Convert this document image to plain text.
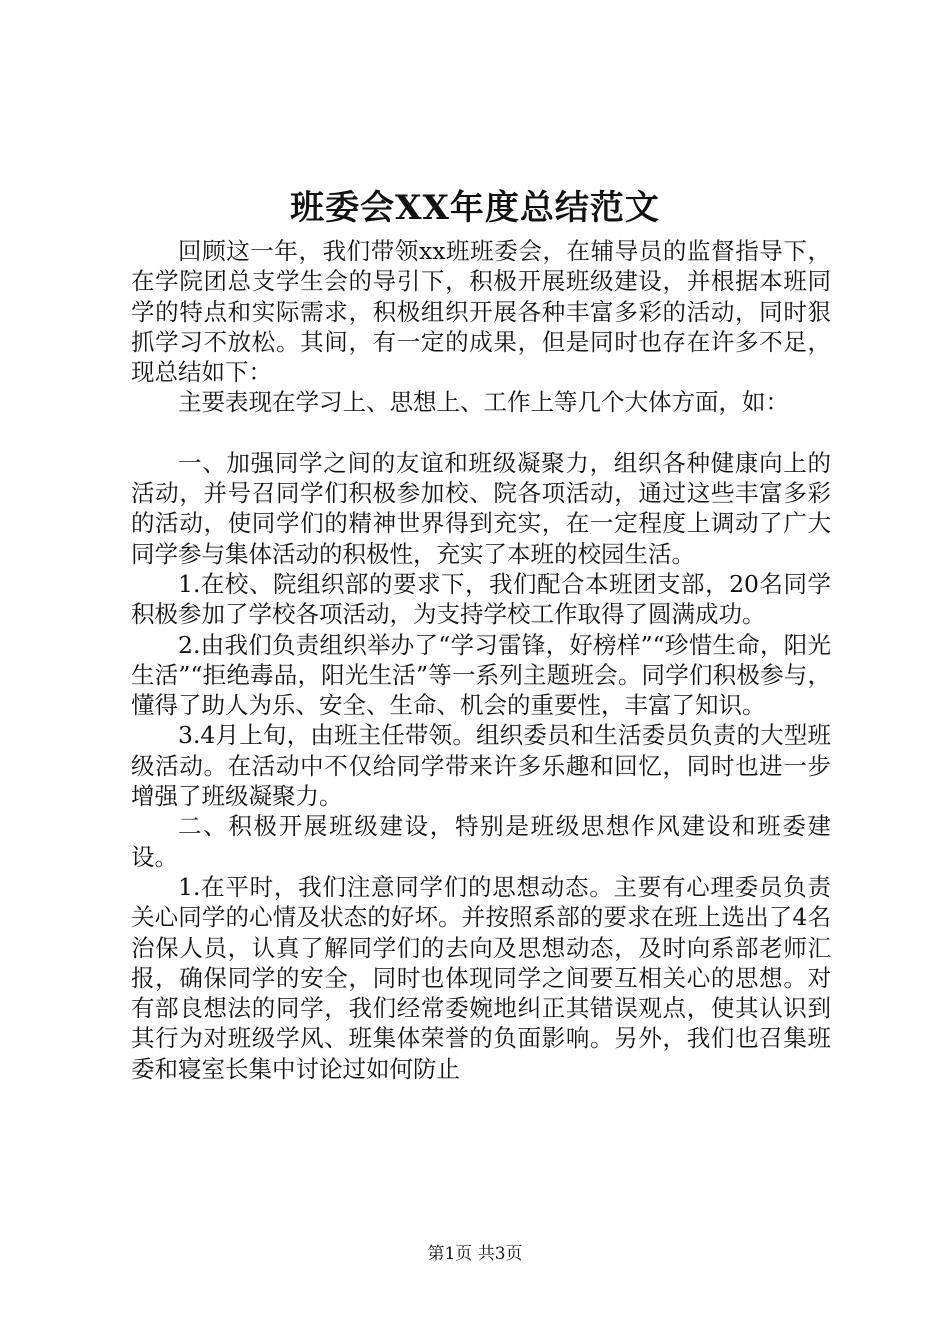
班委会XX年度总结范文

回顾这一年，我们带领xx班班委会，在辅导员的监督指导下，在学院团总支学生会的导引下，积极开展班级建设，并根据本班同学的特点和实际需求，积极组织开展各种丰富多彩的活动，同时狠抓学习不放松。其间，有一定的成果，但是同时也存在许多不足，现总结如下：

主要表现在学习上、思想上、工作上等几个大体方面，如：

一、加强同学之间的友谊和班级凝聚力，组织各种健康向上的活动，并号召同学们积极参加校、院各项活动，通过这些丰富多彩的活动，使同学们的精神世界得到充实，在一定程度上调动了广大同学参与集体活动的积极性，充实了本班的校园生活。

1.在校、院组织部的要求下，我们配合本班团支部，20名同学积极参加了学校各项活动，为支持学校工作取得了圆满成功。

2.由我们负责组织举办了“学习雷锋，好榜样”“珍惜生命，阳光生活”“拒绝毒品，阳光生活”等一系列主题班会。同学们积极参与，懂得了助人为乐、安全、生命、机会的重要性，丰富了知识。

3.4月上旬，由班主任带领。组织委员和生活委员负责的大型班级活动。在活动中不仅给同学带来许多乐趣和回忆，同时也进一步增强了班级凝聚力。

二、积极开展班级建设，特别是班级思想作风建设和班委建设。

1.在平时，我们注意同学们的思想动态。主要有心理委员负责关心同学的心情及状态的好坏。并按照系部的要求在班上选出了4名治保人员，认真了解同学们的去向及思想动态，及时向系部老师汇报，确保同学的安全，同时也体现同学之间要互相关心的思想。对有部良想法的同学，我们经常委婉地纠正其错误观点，使其认识到其行为对班级学风、班集体荣誉的负面影响。另外，我们也召集班委和寝室长集中讨论过如何防止

第1页 共3页
